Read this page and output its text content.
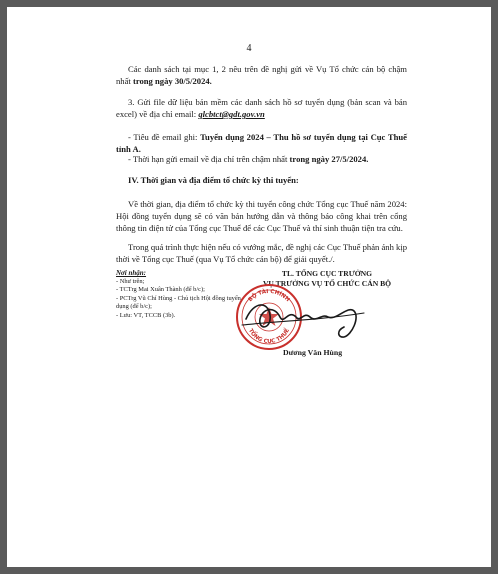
4
Các danh sách tại mục 1, 2 nêu trên đề nghị gửi về Vụ Tổ chức cán bộ chậm nhất trong ngày 30/5/2024.
3. Gửi file dữ liệu bản mềm các danh sách hồ sơ tuyển dụng (bản scan và bản excel) về địa chỉ email: qlcbtct@gdt.gov.vn
- Tiêu đề email ghi: Tuyển dụng 2024 – Thu hồ sơ tuyển dụng tại Cục Thuế tỉnh A.
- Thời hạn gửi email về địa chỉ trên chậm nhất trong ngày 27/5/2024.
IV. Thời gian và địa điểm tổ chức kỳ thi tuyển:
Về thời gian, địa điểm tổ chức kỳ thi tuyển công chức Tổng cục Thuế năm 2024: Hội đồng tuyển dụng sẽ có văn bản hướng dẫn và thông báo công khai trên cổng thông tin điện tử của Tổng cục Thuế để các Cục Thuế và thí sinh thuận tiện tra cứu.
Trong quá trình thực hiện nếu có vướng mắc, đề nghị các Cục Thuế phản ánh kịp thời về Tổng cục Thuế (qua Vụ Tổ chức cán bộ) để giải quyết./.
Nơi nhận:
- Như trên;
- TCTrg Mai Xuân Thành (để b/c);
- PCTrg Vũ Chí Hùng - Chủ tịch Hội đồng tuyển dụng (để b/c);
- Lưu: VT, TCCB (3b).
TL. TỔNG CỤC TRƯỞNG
VỤ TRƯỞNG VỤ TỔ CHỨC CÁN BỘ
BỘ TÀI CHÍNH
TỔNG CỤC THUẾ
Dương Văn Hùng
